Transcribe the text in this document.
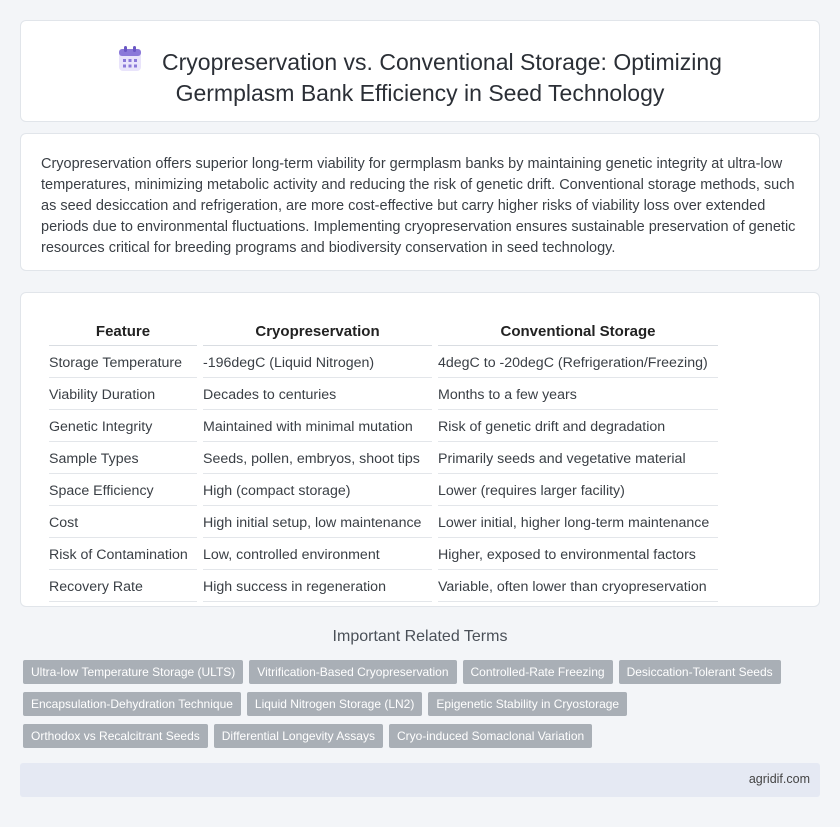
Cryopreservation vs. Conventional Storage: Optimizing
Germplasm Bank Efficiency in Seed Technology

Cryopreservation offers superior long-term viability for germplasm banks by maintaining genetic integrity at ultra-low temperatures, minimizing metabolic activity and reducing the risk of genetic drift. Conventional storage methods, such as seed desiccation and refrigeration, are more cost-effective but carry higher risks of viability loss over extended periods due to environmental fluctuations. Implementing cryopreservation ensures sustainable preservation of genetic resources critical for breeding programs and biodiversity conservation in seed technology.

Feature	Cryopreservation	Conventional Storage
Storage Temperature	-196degC (Liquid Nitrogen)	4degC to -20degC (Refrigeration/Freezing)
Viability Duration	Decades to centuries	Months to a few years
Genetic Integrity	Maintained with minimal mutation	Risk of genetic drift and degradation
Sample Types	Seeds, pollen, embryos, shoot tips	Primarily seeds and vegetative material
Space Efficiency	High (compact storage)	Lower (requires larger facility)
Cost	High initial setup, low maintenance	Lower initial, higher long-term maintenance
Risk of Contamination	Low, controlled environment	Higher, exposed to environmental factors
Recovery Rate	High success in regeneration	Variable, often lower than cryopreservation
Important Related Terms
Ultra-low Temperature Storage (ULTS) Vitrification-Based Cryopreservation Controlled-Rate Freezing Desiccation-Tolerant SeedsEncapsulation-Dehydration Technique Liquid Nitrogen Storage (LN2) Epigenetic Stability in CryostorageOrthodox vs Recalcitrant Seeds Differential Longevity Assays Cryo-induced Somaclonal Variation
agridif.com
